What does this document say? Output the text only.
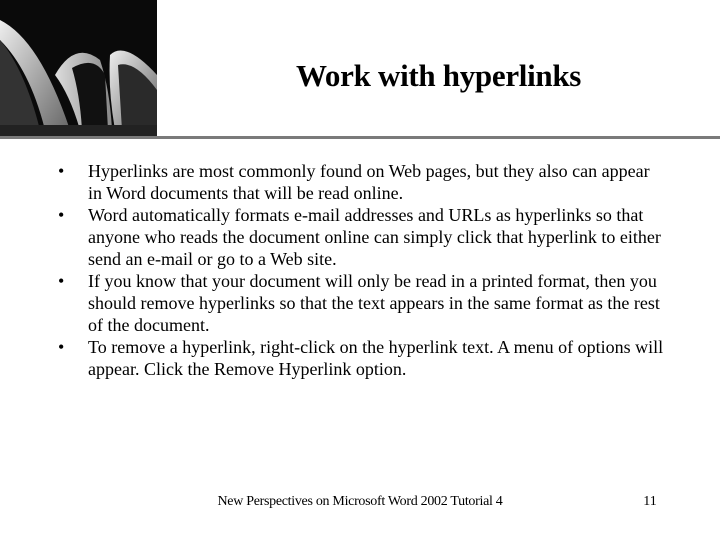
Work with hyperlinks
• Hyperlinks are most commonly found on Web pages, but they also can appear in Word documents that will be read online.
• Word automatically formats e-mail addresses and URLs as hyperlinks so that anyone who reads the document online can simply click that hyperlink to either send an e-mail or go to a Web site.
• If you know that your document will only be read in a printed format, then you should remove hyperlinks so that the text appears in the same format as the rest of the document.
• To remove a hyperlink, right-click on the hyperlink text. A menu of options will appear. Click the Remove Hyperlink option.
New Perspectives on Microsoft Word 2002 Tutorial 4	11
